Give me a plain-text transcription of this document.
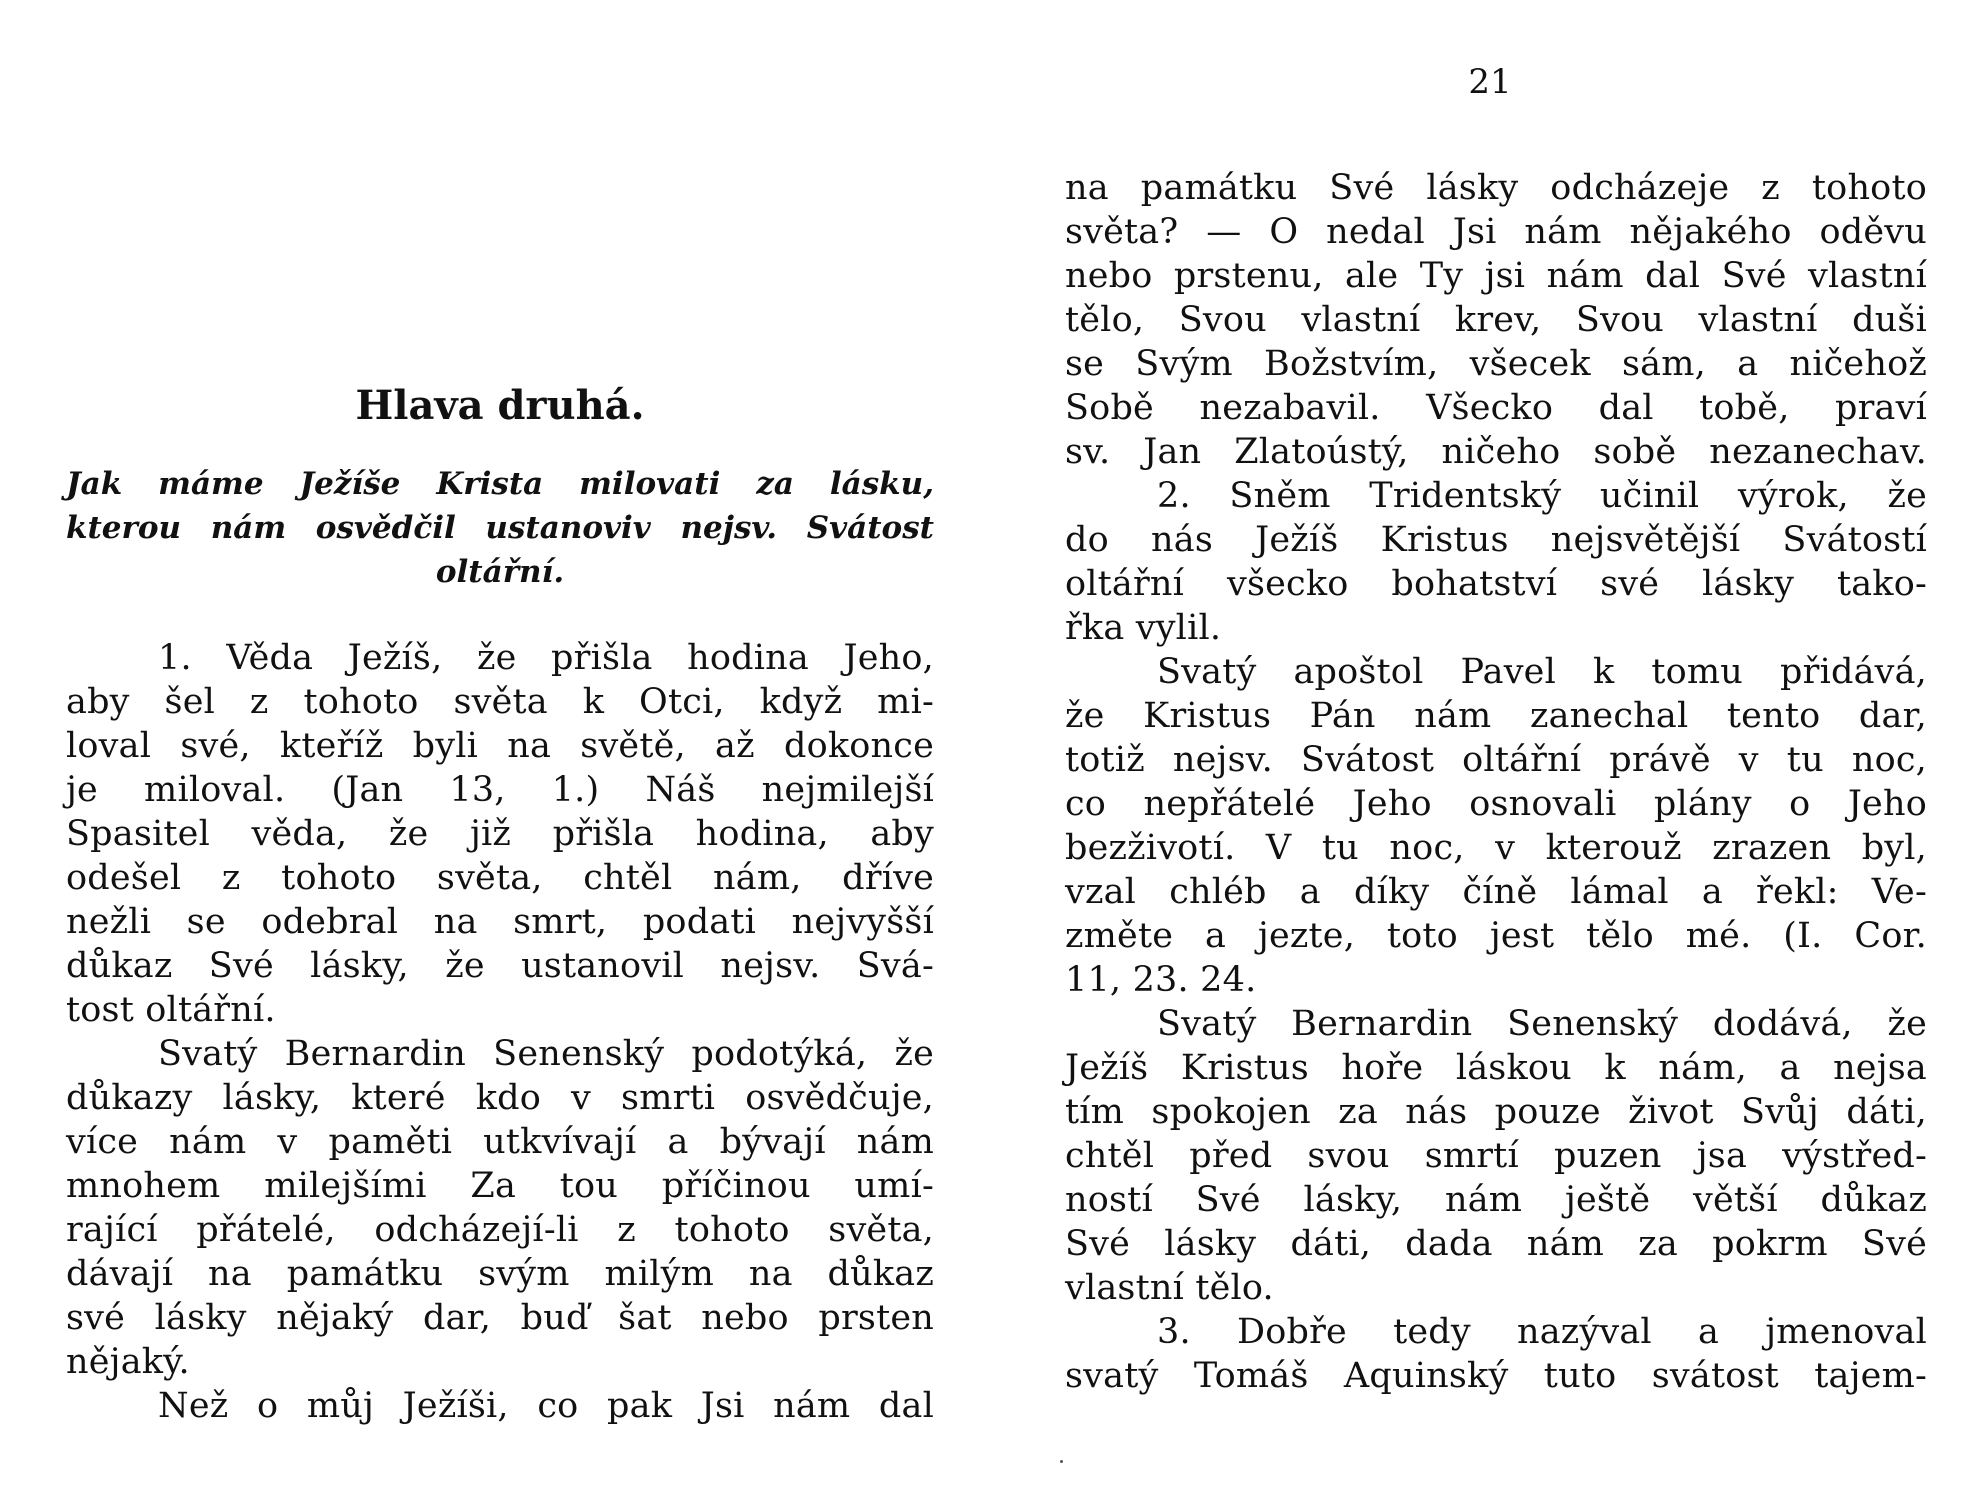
21
Hlava druhá.
Jak máme Ježíše Krista milovati za lásku,
kterou nám osvědčil ustanoviv nejsv. Svátost
oltářní.
1. Věda Ježíš, že přišla hodina Jeho,
aby šel z tohoto světa k Otci, když mi-
loval své, kteříž byli na světě, až dokonce
je miloval. (Jan 13, 1.) Náš nejmilejší
Spasitel věda, že již přišla hodina, aby
odešel z tohoto světa, chtěl nám, dříve
nežli se odebral na smrt, podati nejvyšší
důkaz Své lásky, že ustanovil nejsv. Svá-
tost oltářní.
Svatý Bernardin Senenský podotýká, že
důkazy lásky, které kdo v smrti osvědčuje,
více nám v paměti utkvívají a bývají nám
mnohem milejšími Za tou příčinou umí-
rající přátelé, odcházejí-li z tohoto světa,
dávají na památku svým milým na důkaz
své lásky nějaký dar, buď šat nebo prsten
nějaký.
Než o můj Ježíši, co pak Jsi nám dal
na památku Své lásky odcházeje z tohoto
světa? — O nedal Jsi nám nějakého oděvu
nebo prstenu, ale Ty jsi nám dal Své vlastní
tělo, Svou vlastní krev, Svou vlastní duši
se Svým Božstvím, všecek sám, a ničehož
Sobě nezabavil. Všecko dal tobě, praví
sv. Jan Zlatoústý, ničeho sobě nezanechav.
2. Sněm Tridentský učinil výrok, že
do nás Ježíš Kristus nejsvětější Svátostí
oltářní všecko bohatství své lásky tako-
řka vylil.
Svatý apoštol Pavel k tomu přidává,
že Kristus Pán nám zanechal tento dar,
totiž nejsv. Svátost oltářní právě v tu noc,
co nepřátelé Jeho osnovali plány o Jeho
bezživotí. V tu noc, v kterouž zrazen byl,
vzal chléb a díky číně lámal a řekl: Ve-
změte a jezte, toto jest tělo mé. (I. Cor.
11, 23. 24.
Svatý Bernardin Senenský dodává, že
Ježíš Kristus hoře láskou k nám, a nejsa
tím spokojen za nás pouze život Svůj dáti,
chtěl před svou smrtí puzen jsa výstřed-
ností Své lásky, nám ještě větší důkaz
Své lásky dáti, dada nám za pokrm Své
vlastní tělo.
3. Dobře tedy nazýval a jmenoval
svatý Tomáš Aquinský tuto svátost tajem-
